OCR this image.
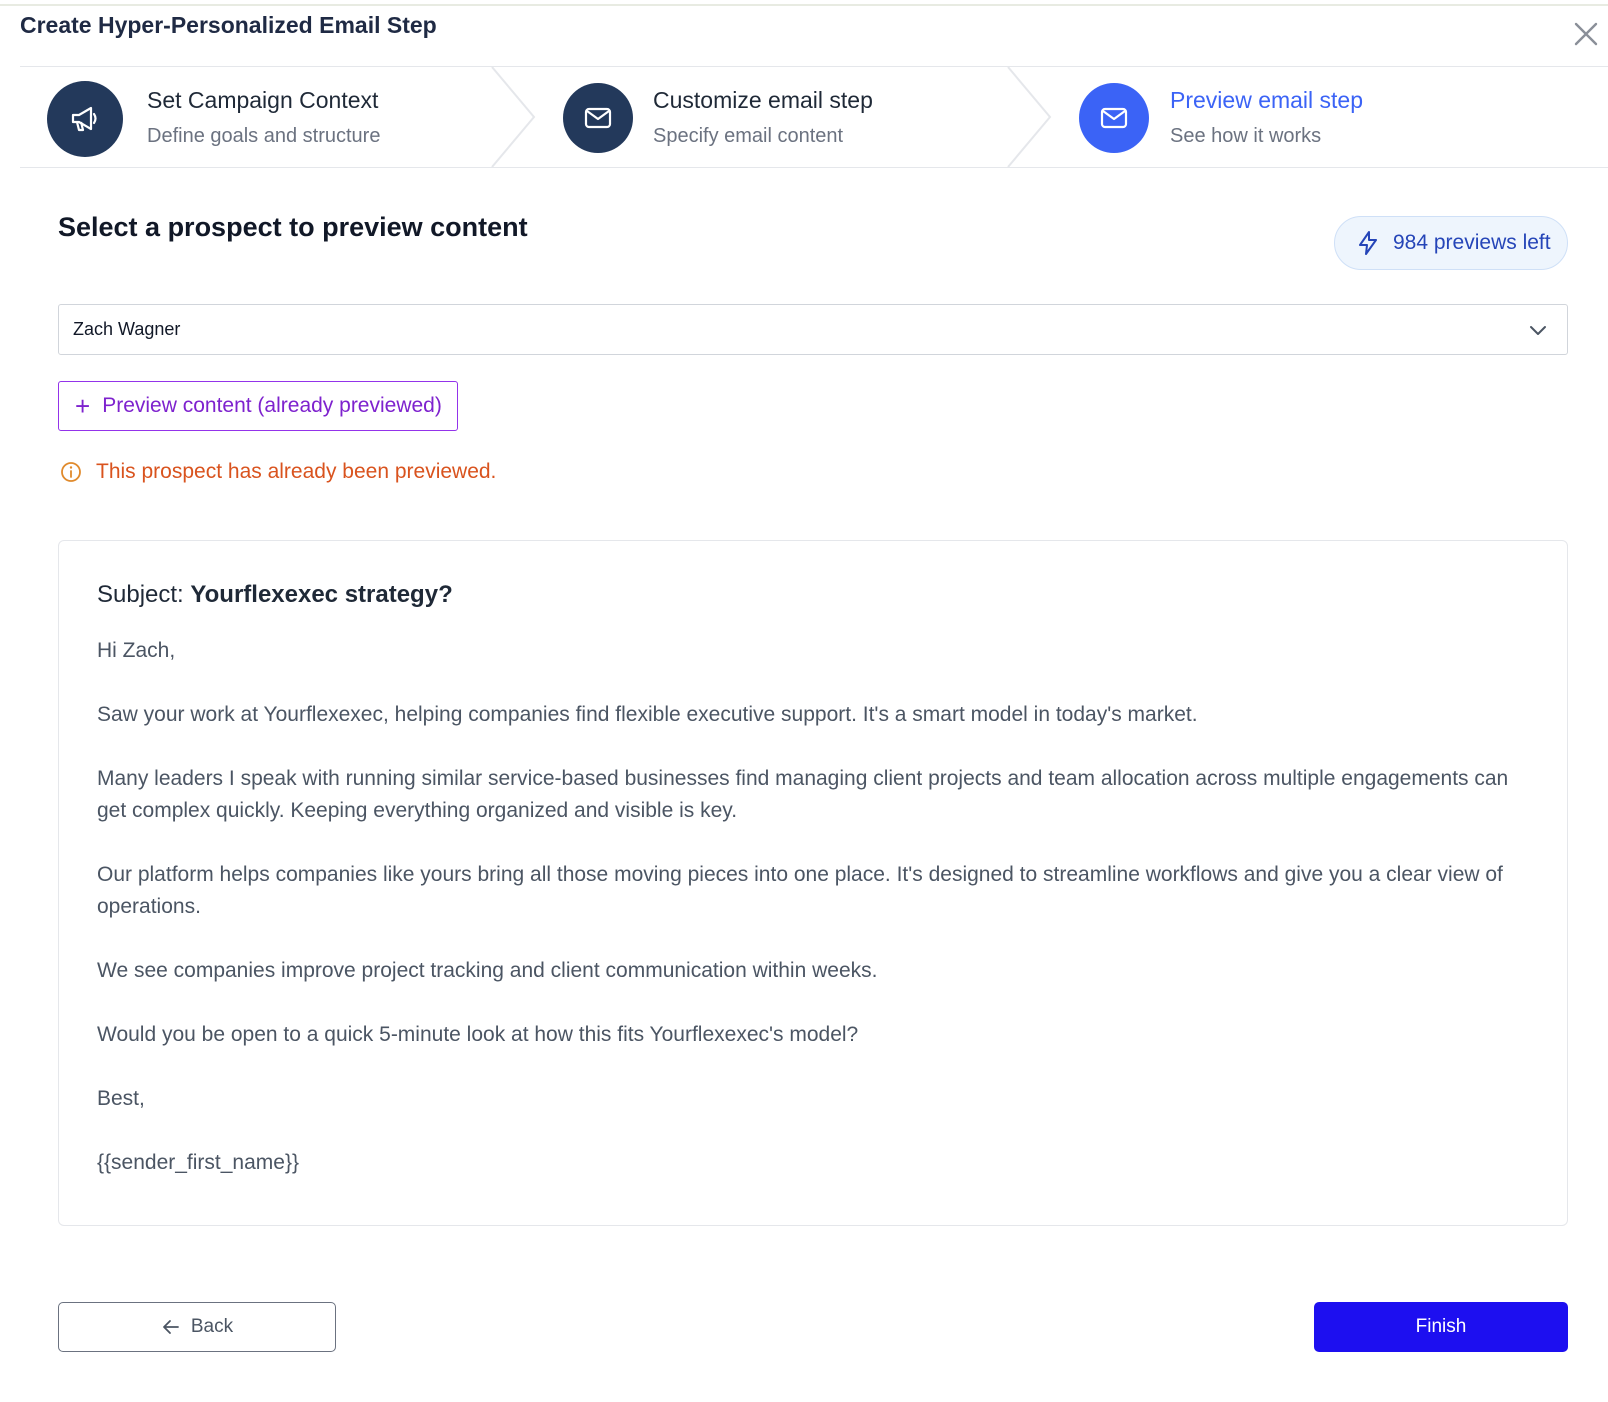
Create Hyper-Personalized Email Step
Set Campaign Context
Define goals and structure
Customize email step
Specify email content
Preview email step
See how it works
Select a prospect to preview content
984 previews left
Zach Wagner
+ Preview content (already previewed)
This prospect has already been previewed.
Subject: Yourflexexec strategy?

Hi Zach,

Saw your work at Yourflexexec, helping companies find flexible executive support. It's a smart model in today's market.

Many leaders I speak with running similar service-based businesses find managing client projects and team allocation across multiple engagements can get complex quickly. Keeping everything organized and visible is key.

Our platform helps companies like yours bring all those moving pieces into one place. It's designed to streamline workflows and give you a clear view of operations.

We see companies improve project tracking and client communication within weeks.

Would you be open to a quick 5-minute look at how this fits Yourflexexec's model?

Best,

{{sender_first_name}}

Back	Finish
